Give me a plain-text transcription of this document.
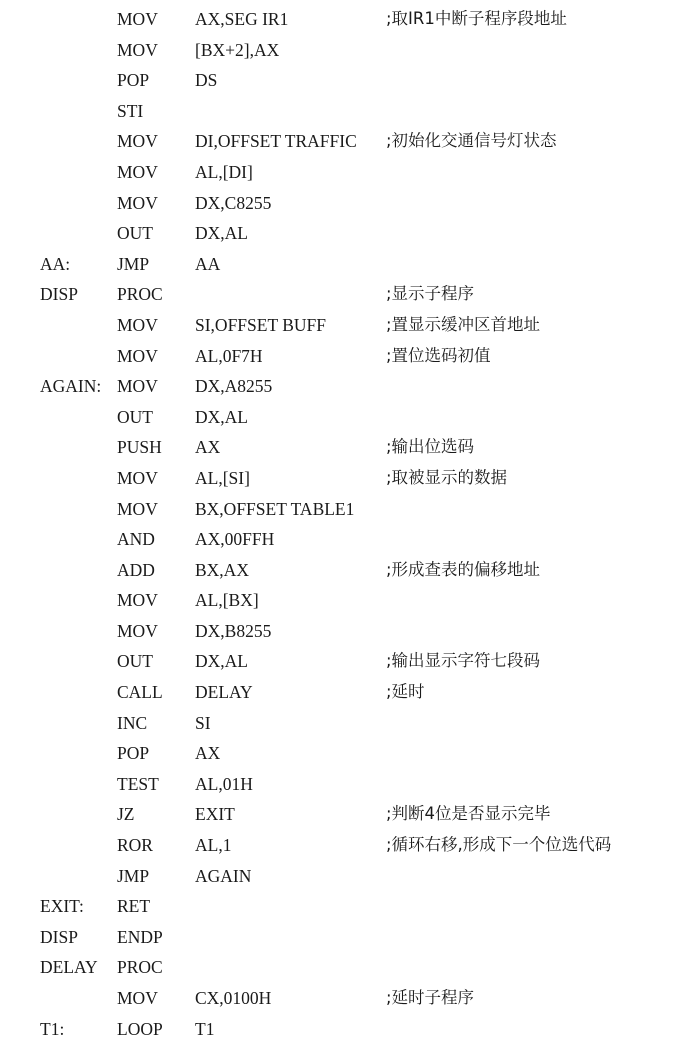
MOV AX,SEG IR1	;取IR1中断子程序段地址
MOV [BX+2],AX
POP	DS
STI
MOV DI,OFFSET TRAFFIC ;初始化交通信号灯状态
MOV AL,[DI]
MOV DX,C8255
OUT DX,AL
AA:	JMP	AA
DISP PROC	;显示子程序
MOV SI,OFFSET BUFF	;置显示缓冲区首地址
MOV AL,0F7H	;置位选码初值
AGAIN: MOV DX,A8255
OUT DX,AL
PUSH AX	;输出位选码
MOV AL,[SI]	;取被显示的数据
MOV BX,OFFSET TABLE1
AND AX,00FFH
ADD BX,AX	;形成查表的偏移地址
MOV AL,[BX]
MOV DX,B8255
OUT DX,AL	;输出显示字符七段码
CALL DELAY	;延时
INC	SI
POP	AX
TEST AL,01H
JZ	EXIT	;判断4位是否显示完毕
ROR AL,1	;循环右移,形成下一个位选代码
JMP	AGAIN
EXIT: RET
DISP ENDP
DELAY PROC
MOV CX,0100H	;延时子程序
T1:	LOOP T1
